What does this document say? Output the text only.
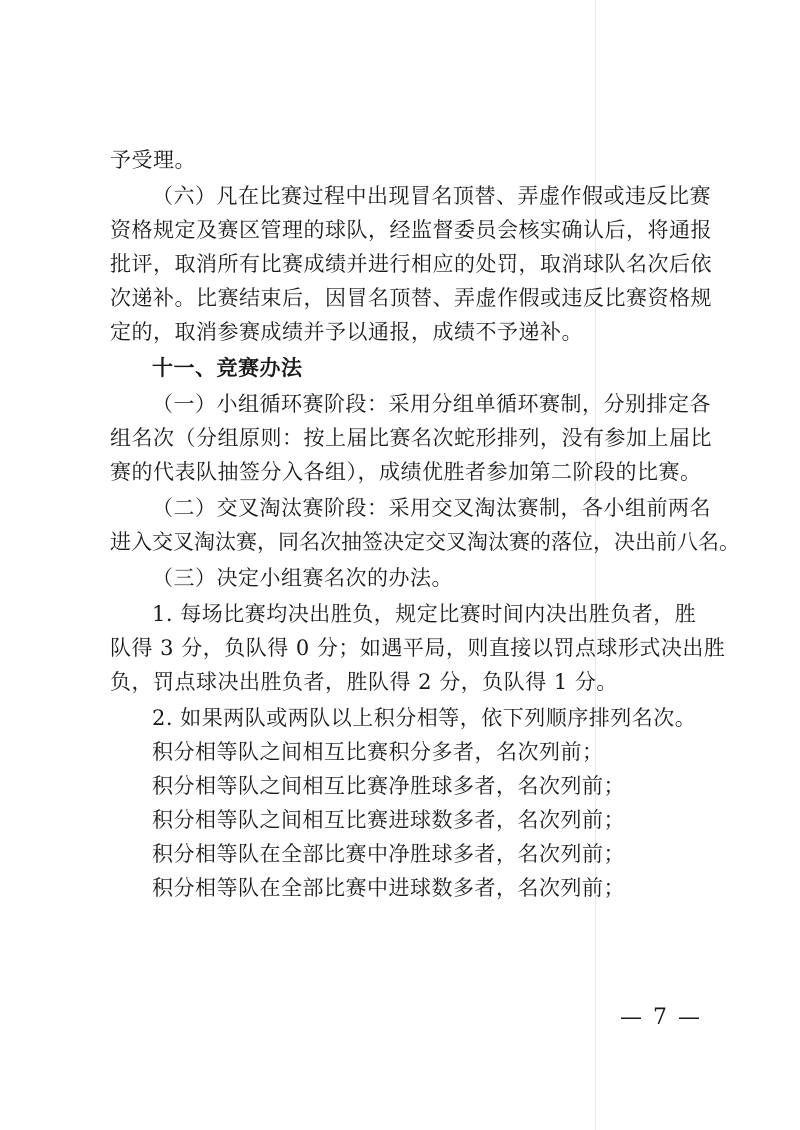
予受理。
（六）凡在比赛过程中出现冒名顶替、弄虚作假或违反比赛
资格规定及赛区管理的球队，经监督委员会核实确认后，将通报
批评，取消所有比赛成绩并进行相应的处罚，取消球队名次后依
次递补。比赛结束后，因冒名顶替、弄虚作假或违反比赛资格规
定的，取消参赛成绩并予以通报，成绩不予递补。
十一、竞赛办法
（一）小组循环赛阶段：采用分组单循环赛制，分别排定各
组名次（分组原则：按上届比赛名次蛇形排列，没有参加上届比
赛的代表队抽签分入各组），成绩优胜者参加第二阶段的比赛。
（二）交叉淘汰赛阶段：采用交叉淘汰赛制，各小组前两名
进入交叉淘汰赛，同名次抽签决定交叉淘汰赛的落位，决出前八名。
（三）决定小组赛名次的办法。
1. 每场比赛均决出胜负，规定比赛时间内决出胜负者，胜
队得 3 分，负队得 0 分；如遇平局，则直接以罚点球形式决出胜
负，罚点球决出胜负者，胜队得 2 分，负队得 1 分。
2. 如果两队或两队以上积分相等，依下列顺序排列名次。
积分相等队之间相互比赛积分多者，名次列前；
积分相等队之间相互比赛净胜球多者，名次列前；
积分相等队之间相互比赛进球数多者，名次列前；
积分相等队在全部比赛中净胜球多者，名次列前；
积分相等队在全部比赛中进球数多者，名次列前；
— 7 —
